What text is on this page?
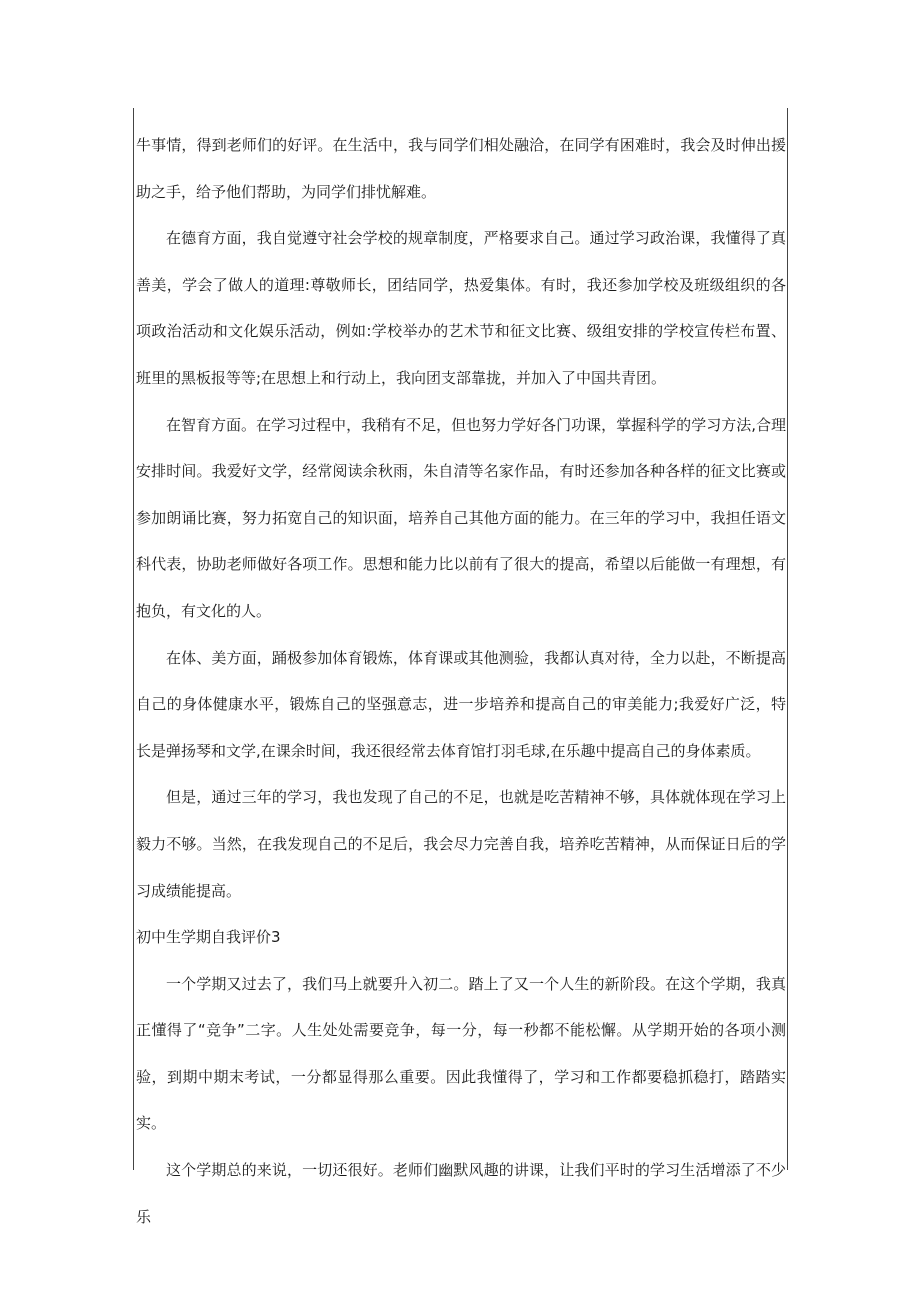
牛事情，得到老师们的好评。在生活中，我与同学们相处融洽，在同学有困难时，我会及时伸出援助之手，给予他们帮助，为同学们排忧解难。

在德育方面，我自觉遵守社会学校的规章制度，严格要求自己。通过学习政治课，我懂得了真善美，学会了做人的道理:尊敬师长，团结同学，热爱集体。有时，我还参加学校及班级组织的各项政治活动和文化娱乐活动，例如:学校举办的艺术节和征文比赛、级组安排的学校宣传栏布置、班里的黑板报等等;在思想上和行动上，我向团支部靠拢，并加入了中国共青团。

在智育方面。在学习过程中，我稍有不足，但也努力学好各门功课，掌握科学的学习方法,合理安排时间。我爱好文学，经常阅读余秋雨，朱自清等名家作品，有时还参加各种各样的征文比赛或参加朗诵比赛，努力拓宽自己的知识面，培养自己其他方面的能力。在三年的学习中，我担任语文科代表，协助老师做好各项工作。思想和能力比以前有了很大的提高，希望以后能做一有理想，有抱负，有文化的人。

在体、美方面，踊极参加体育锻炼，体育课或其他测验，我都认真对待，全力以赴，不断提高自己的身体健康水平，锻炼自己的坚强意志，进一步培养和提高自己的审美能力;我爱好广泛，特长是弹扬琴和文学,在课余时间，我还很经常去体育馆打羽毛球,在乐趣中提高自己的身体素质。

但是，通过三年的学习，我也发现了自己的不足，也就是吃苦精神不够，具体就体现在学习上毅力不够。当然，在我发现自己的不足后，我会尽力完善自我，培养吃苦精神，从而保证日后的学习成绩能提高。

初中生学期自我评价3

一个学期又过去了，我们马上就要升入初二。踏上了又一个人生的新阶段。在这个学期，我真正懂得了“竞争”二字。人生处处需要竞争，每一分，每一秒都不能松懈。从学期开始的各项小测验，到期中期末考试，一分都显得那么重要。因此我懂得了，学习和工作都要稳抓稳打，踏踏实实。

这个学期总的来说，一切还很好。老师们幽默风趣的讲课，让我们平时的学习生活增添了不少乐
